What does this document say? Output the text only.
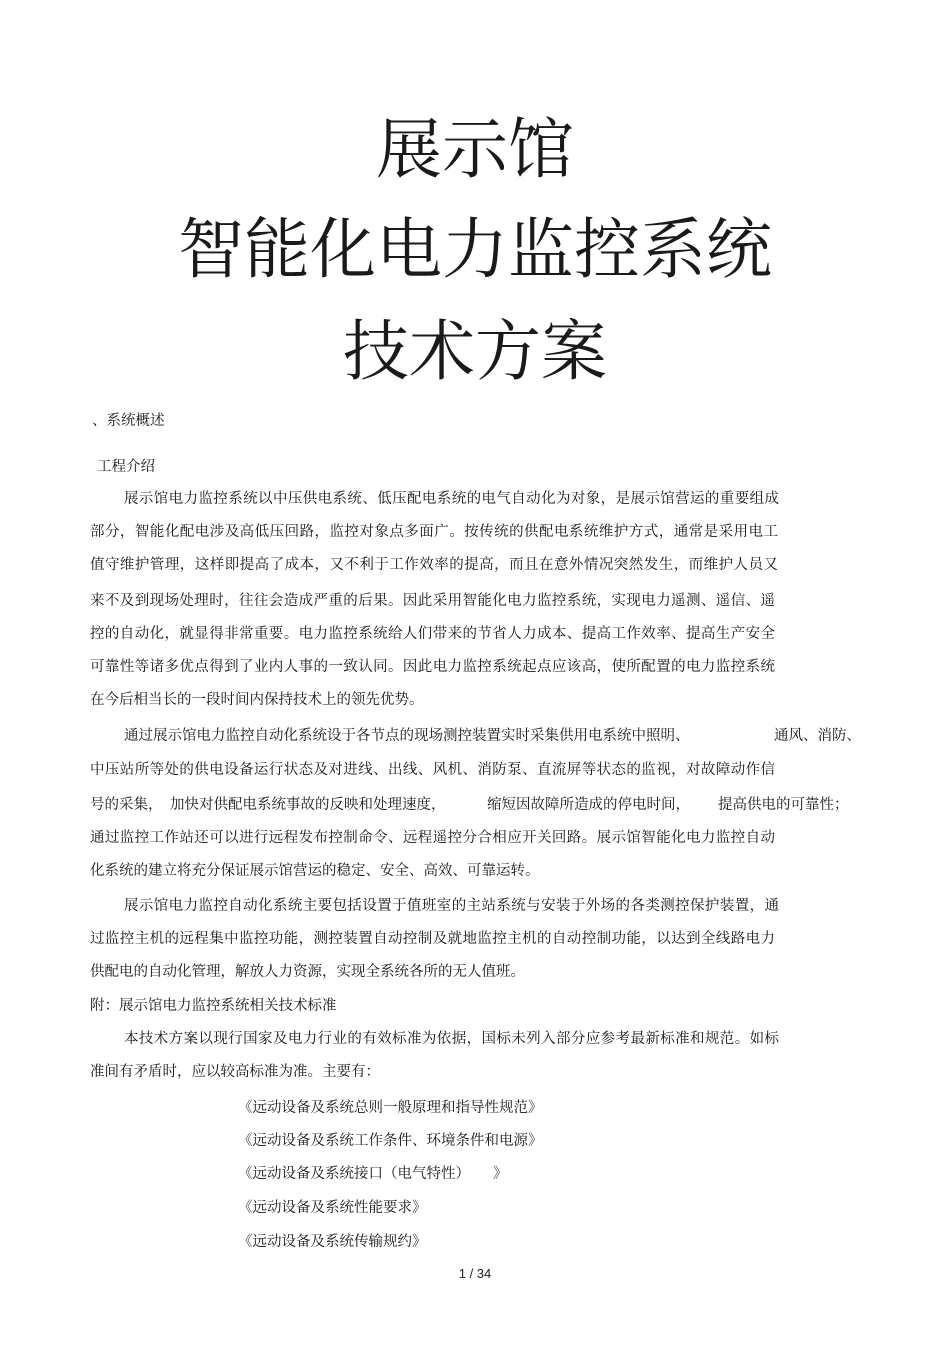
展示馆
智能化电力监控系统
技术方案
、系统概述
工程介绍
展示馆电力监控系统以中压供电系统、低压配电系统的电气自动化为对象，是展示馆营运的重要组成
部分，智能化配电涉及高低压回路，监控对象点多面广。按传统的供配电系统维护方式，通常是采用电工
值守维护管理，这样即提高了成本，又不利于工作效率的提高，而且在意外情况突然发生，而维护人员又
来不及到现场处理时，往往会造成严重的后果。因此采用智能化电力监控系统，实现电力遥测、遥信、遥
控的自动化，就显得非常重要。电力监控系统给人们带来的节省人力成本、提高工作效率、提高生产安全
可靠性等诸多优点得到了业内人事的一致认同。因此电力监控系统起点应该高，使所配置的电力监控系统
在今后相当长的一段时间内保持技术上的领先优势。
通过展示馆电力监控自动化系统设于各节点的现场测控装置实时采集供用电系统中照明、	通风、消防、
中压站所等处的供电设备运行状态及对进线、出线、风机、消防泵、直流屏等状态的监视，对故障动作信
号的采集， 加快对供配电系统事故的反映和处理速度，	缩短因故障所造成的停电时间， 提高供电的可靠性；
通过监控工作站还可以进行远程发布控制命令、远程遥控分合相应开关回路。展示馆智能化电力监控自动
化系统的建立将充分保证展示馆营运的稳定、安全、高效、可靠运转。
展示馆电力监控自动化系统主要包括设置于值班室的主站系统与安装于外场的各类测控保护装置，通
过监控主机的远程集中监控功能，测控装置自动控制及就地监控主机的自动控制功能，以达到全线路电力
供配电的自动化管理，解放人力资源，实现全系统各所的无人值班。
附：展示馆电力监控系统相关技术标准
本技术方案以现行国家及电力行业的有效标准为依据，国标未列入部分应参考最新标准和规范。如标
准间有矛盾时，应以较高标准为准。主要有：
《远动设备及系统总则一般原理和指导性规范》
《远动设备及系统工作条件、环境条件和电源》
《远动设备及系统接口（电气特性） 》
《远动设备及系统性能要求》
《远动设备及系统传输规约》
1 / 34
